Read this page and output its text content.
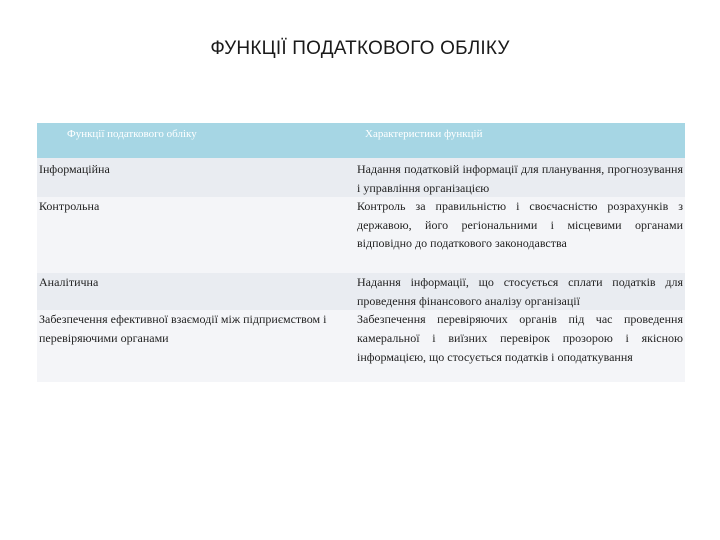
ФУНКЦІЇ ПОДАТКОВОГО ОБЛІКУ
Функції податкового обліку	Характеристики функцій
Інформаційна	Надання податковій інформації для планування, прогнозування і управління організацією
Контрольна	Контроль за правильністю і своєчасністю розрахунків з державою, його регіональними і місцевими органами відповідно до податкового законодавства
Аналітична	Надання інформації, що стосується сплати податків для проведення фінансового аналізу організації
Забезпечення ефективної взаємодії між підприємством і перевіряючими органами	Забезпечення перевіряючих органів під час проведення камеральної і виїзних перевірок прозорою і якісною інформацією, що стосується податків і оподаткування
